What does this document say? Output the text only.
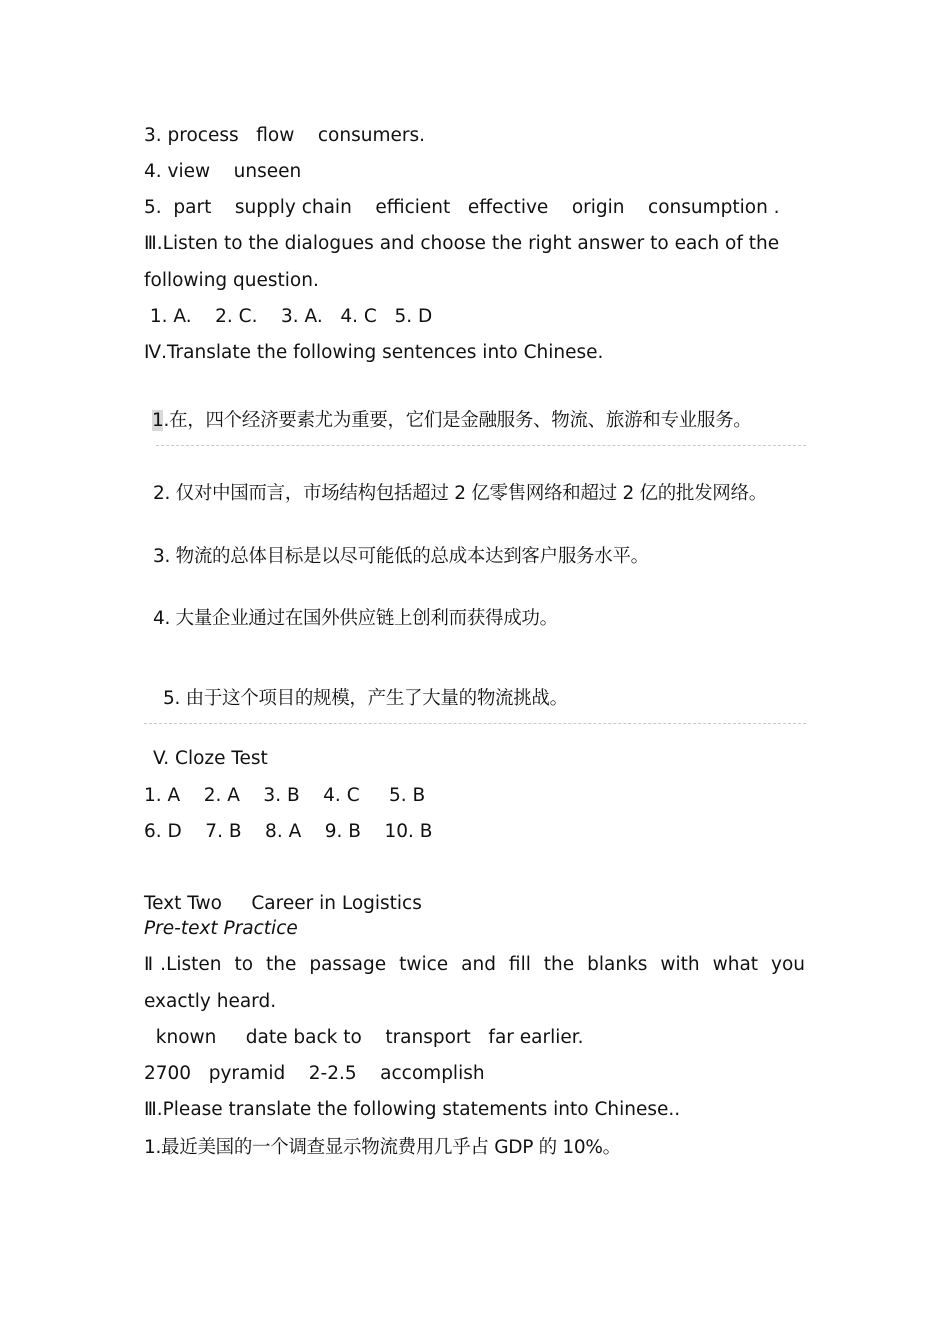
3. process   flow    consumers.
4. view    unseen
5.  part    supply chain    efficient   effective    origin    consumption .
Ⅲ.Listen to the dialogues and choose the right answer to each of the
following question.
1. A.    2. C.    3. A.   4. C   5. D
Ⅳ.Translate the following sentences into Chinese.
1.在，四个经济要素尤为重要，它们是金融服务、物流、旅游和专业服务。
2. 仅对中国而言，市场结构包括超过 2 亿零售网络和超过 2 亿的批发网络。
3. 物流的总体目标是以尽可能低的总成本达到客户服务水平。
4. 大量企业通过在国外供应链上创利而获得成功。
5. 由于这个项目的规模，产生了大量的物流挑战。
V. Cloze Test
1. A    2. A    3. B    4. C     5. B
6. D    7. B    8. A    9. B    10. B
Text Two     Career in Logistics
Pre-text Practice
Ⅱ.Listen to the passage twice and fill the blanks with what you
exactly heard.
known     date back to    transport   far earlier.
2700   pyramid    2-2.5    accomplish
Ⅲ.Please translate the following statements into Chinese..
1.最近美国的一个调查显示物流费用几乎占 GDP 的 10%。
